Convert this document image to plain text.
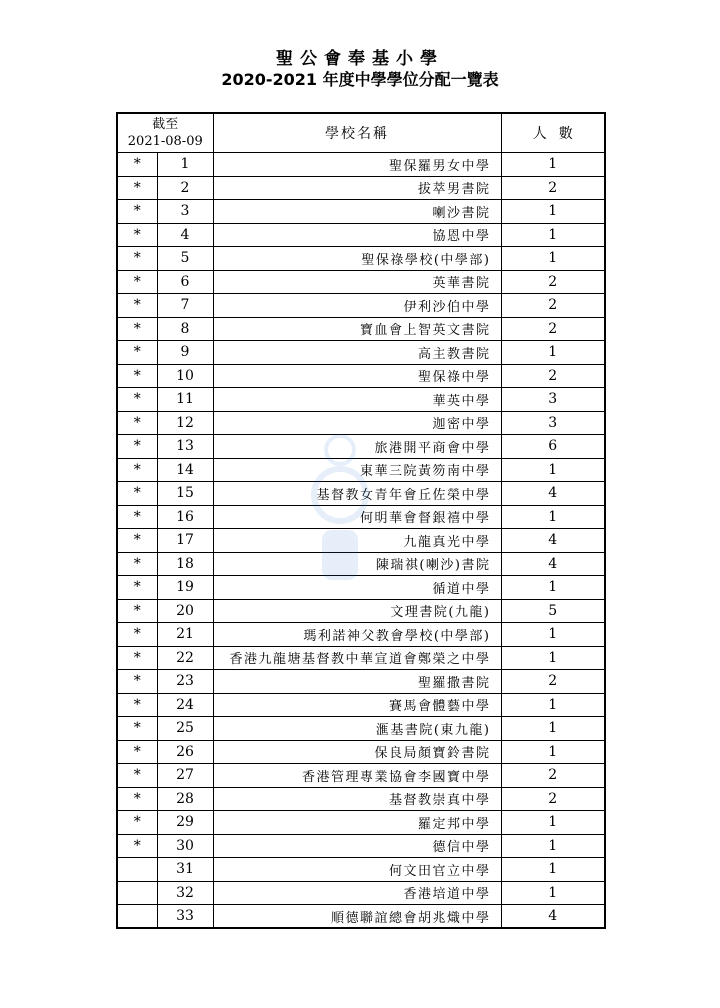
聖公會奉基小學
2020-2021 年度中學學位分配一覽表
截至
2021-08-09		學校名稱	人數
*	1	聖保羅男女中學	1
*	2	拔萃男書院	2
*	3	喇沙書院	1
*	4	協恩中學	1
*	5	聖保祿學校(中學部)	1
*	6	英華書院	2
*	7	伊利沙伯中學	2
*	8	寶血會上智英文書院	2
*	9	高主教書院	1
*	10	聖保祿中學	2
*	11	華英中學	3
*	12	迦密中學	3
*	13	旅港開平商會中學	6
*	14	東華三院黃笏南中學	1
*	15	基督教女青年會丘佐榮中學	4
*	16	何明華會督銀禧中學	1
*	17	九龍真光中學	4
*	18	陳瑞祺(喇沙)書院	4
*	19	循道中學	1
*	20	文理書院(九龍)	5
*	21	瑪利諾神父教會學校(中學部)	1
*	22	香港九龍塘基督教中華宣道會鄭榮之中學	1
*	23	聖羅撒書院	2
*	24	賽馬會體藝中學	1
*	25	滙基書院(東九龍)	1
*	26	保良局顏寶鈴書院	1
*	27	香港管理專業協會李國寶中學	2
*	28	基督教崇真中學	2
*	29	羅定邦中學	1
*	30	德信中學	1
	31	何文田官立中學	1
	32	香港培道中學	1
	33	順德聯誼總會胡兆熾中學	4
